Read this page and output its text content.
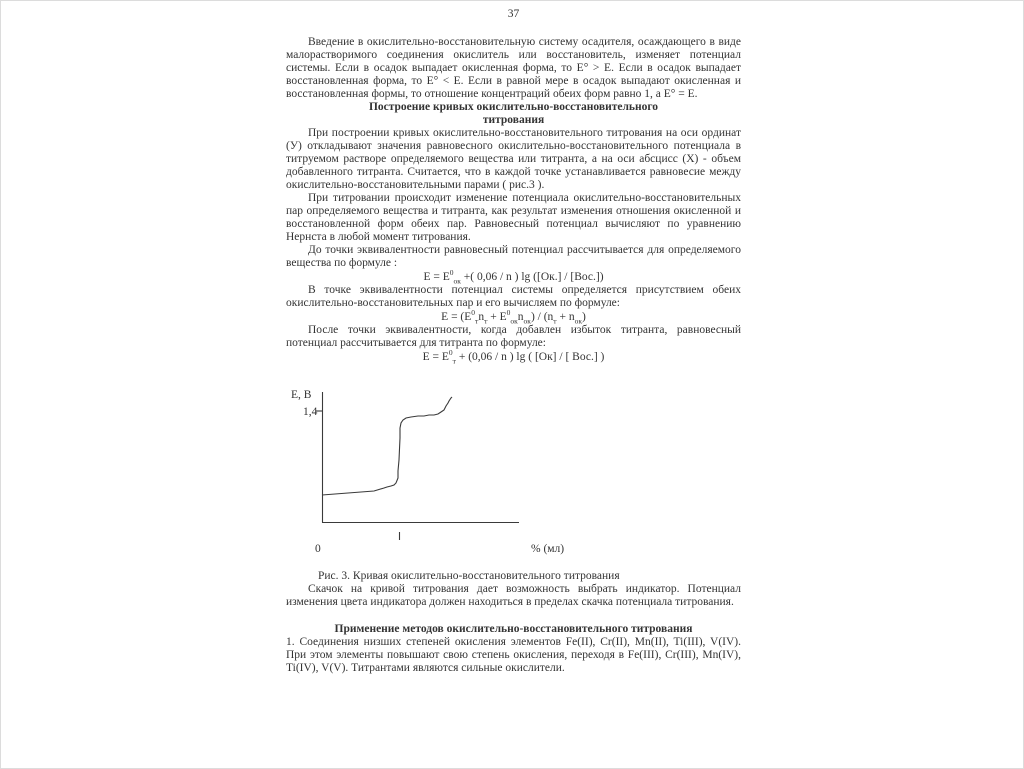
37

Введение в окислительно-восстановительную систему осадителя, осаждающего в виде малорастворимого соединения окислитель или восстановитель, изменяет потенциал системы. Если в осадок выпадает окисленная форма, то E° > E. Если в осадок выпадает восстановленная форма, то E° < E. Если в равной мере в осадок выпадают окисленная и восстановленная формы, то отношение концентраций обеих форм равно 1, а E° = E.

Построение кривых окислительно-восстановительного

титрования

При построении кривых окислительно-восстановительного титрования на оси ординат (У) откладывают значения равновесного окислительно-восстановительного потенциала в титруемом растворе определяемого вещества или титранта, а на оси абсцисс (Х) - объем добавленного титранта. Считается, что в каждой точке устанавливается равновесие между окислительно-восстановительными парами ( рис.3 ).

При титровании происходит изменение потенциала окислительно-восстановительных пар определяемого вещества и титранта, как результат изменения отношения окисленной и восстановленной форм обеих пар. Равновесный потенциал вычисляют по уравнению Нернста в любой момент титрования.

До точки эквивалентности равновесный потенциал рассчитывается для определяемого вещества по формуле :

$E = E^0_{ок}$ +( 0,06 / n ) lg ([Ок.] / [Вос.])

В точке эквивалентности потенциал системы определяется присутствием обеих окислительно-восстановительных пар и его вычисляем по формуле:

$E = (E^0_тn_т + E^0_{ок}n_{ок}) / (n_т + n_{ок})$

После точки эквивалентности, когда добавлен избыток титранта, равновесный потенциал рассчитывается для титранта по формуле:

$E = E^0_т + (0,06 / n$ ) lg ( [Ок] / [ Вос.] )

E, В
1,4
0	% (мл)

Рис. 3. Кривая окислительно-восстановительного титрования

Скачок на кривой титрования дает возможность выбрать индикатор. Потенциал изменения цвета индикатора должен находиться в пределах скачка потенциала титрования.

Применение методов окислительно-восстановительного титрования

1. Соединения низших степеней окисления элементов Fe(II), Cr(II), Mn(II), Ti(III), V(IV). При этом элементы повышают свою степень окисления, переходя в Fe(III), Cr(III), Mn(IV), Ti(IV), V(V). Титрантами являются сильные окислители.
